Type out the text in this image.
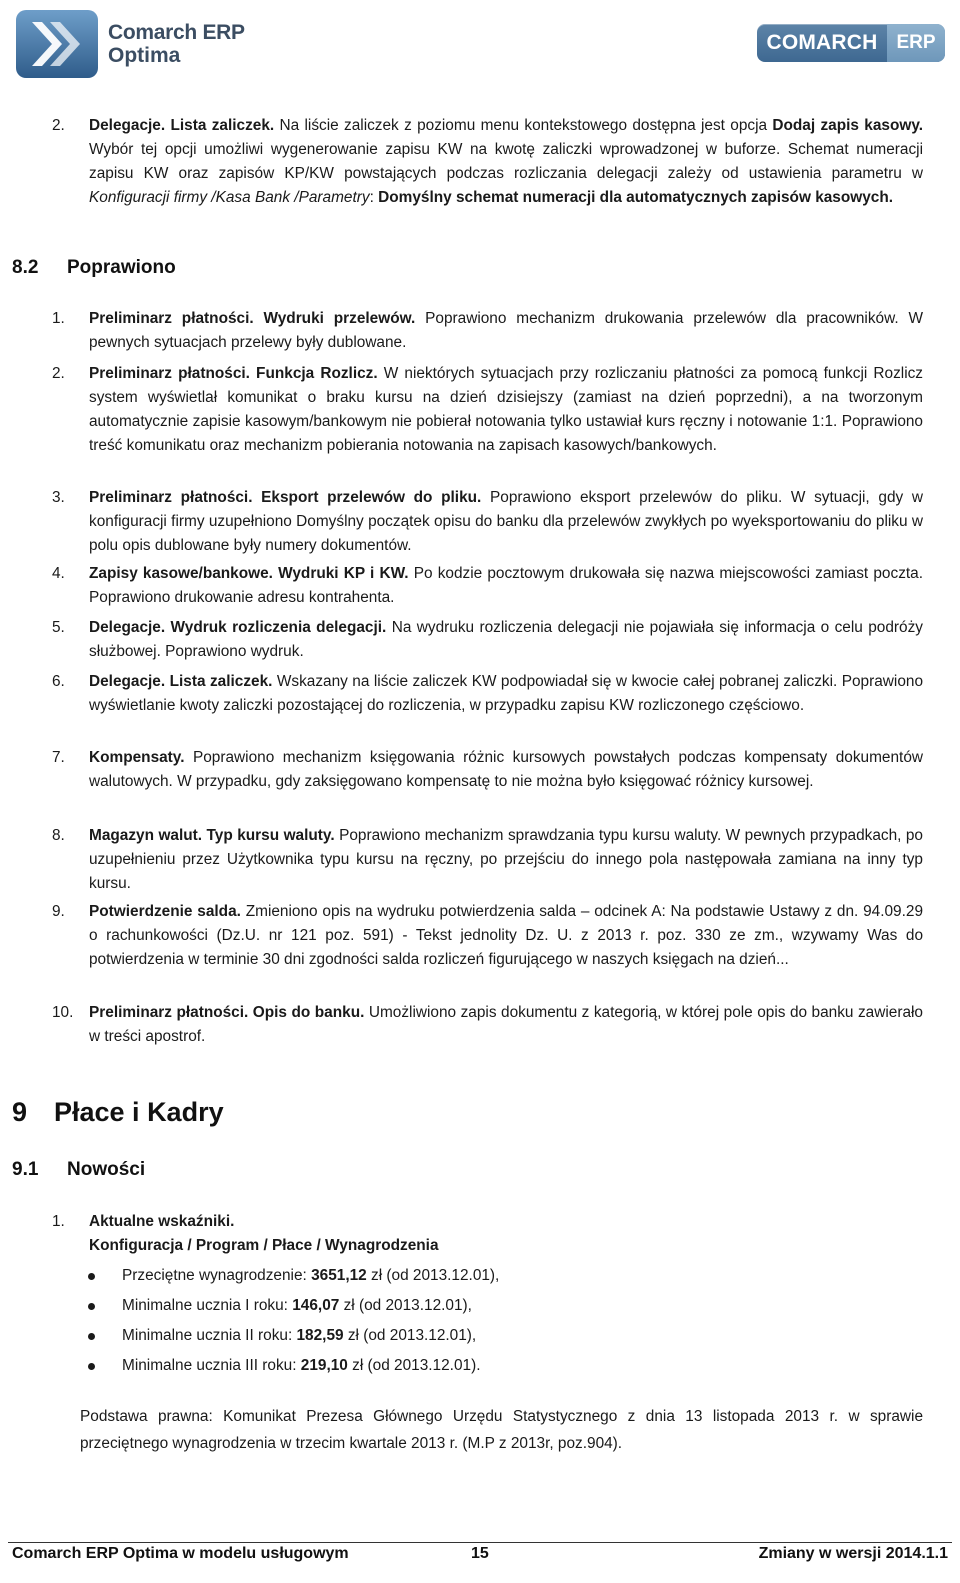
Comarch ERP
Optima
COMARCH ERP
2. Delegacje. Lista zaliczek. Na liście zaliczek z poziomu menu kontekstowego dostępna jest opcja Dodaj zapis kasowy. Wybór tej opcji umożliwi wygenerowanie zapisu KW na kwotę zaliczki wprowadzonej w buforze. Schemat numeracji zapisu KW oraz zapisów KP/KW powstających podczas rozliczania delegacji zależy od ustawienia parametru w Konfiguracji firmy /Kasa Bank /Parametry: Domyślny schemat numeracji dla automatycznych zapisów kasowych.
8.2 Poprawiono
1. Preliminarz płatności. Wydruki przelewów. Poprawiono mechanizm drukowania przelewów dla pracowników. W pewnych sytuacjach przelewy były dublowane.
2. Preliminarz płatności. Funkcja Rozlicz. W niektórych sytuacjach przy rozliczaniu płatności za pomocą funkcji Rozlicz system wyświetlał komunikat o braku kursu na dzień dzisiejszy (zamiast na dzień poprzedni), a na tworzonym automatycznie zapisie kasowym/bankowym nie pobierał notowania tylko ustawiał kurs ręczny i notowanie 1:1. Poprawiono treść komunikatu oraz mechanizm pobierania notowania na zapisach kasowych/bankowych.
3. Preliminarz płatności. Eksport przelewów do pliku. Poprawiono eksport przelewów do pliku. W sytuacji, gdy w konfiguracji firmy uzupełniono Domyślny początek opisu do banku dla przelewów zwykłych po wyeksportowaniu do pliku w polu opis dublowane były numery dokumentów.
4. Zapisy kasowe/bankowe. Wydruki KP i KW. Po kodzie pocztowym drukowała się nazwa miejscowości zamiast poczta. Poprawiono drukowanie adresu kontrahenta.
5. Delegacje. Wydruk rozliczenia delegacji. Na wydruku rozliczenia delegacji nie pojawiała się informacja o celu podróży służbowej. Poprawiono wydruk.
6. Delegacje. Lista zaliczek. Wskazany na liście zaliczek KW podpowiadał się w kwocie całej pobranej zaliczki. Poprawiono wyświetlanie kwoty zaliczki pozostającej do rozliczenia, w przypadku zapisu KW rozliczonego częściowo.
7. Kompensaty. Poprawiono mechanizm księgowania różnic kursowych powstałych podczas kompensaty dokumentów walutowych. W przypadku, gdy zaksięgowano kompensatę to nie można było księgować różnicy kursowej.
8. Magazyn walut. Typ kursu waluty. Poprawiono mechanizm sprawdzania typu kursu waluty. W pewnych przypadkach, po uzupełnieniu przez Użytkownika typu kursu na ręczny, po przejściu do innego pola następowała zamiana na inny typ kursu.
9. Potwierdzenie salda. Zmieniono opis na wydruku potwierdzenia salda – odcinek A: Na podstawie Ustawy z dn. 94.09.29 o rachunkowości (Dz.U. nr 121 poz. 591) - Tekst jednolity Dz. U. z 2013 r. poz. 330 ze zm., wzywamy Was do potwierdzenia w terminie 30 dni zgodności salda rozliczeń figurującego w naszych księgach na dzień...
10. Preliminarz płatności. Opis do banku. Umożliwiono zapis dokumentu z kategorią, w której pole opis do banku zawierało w treści apostrof.
9 Płace i Kadry
9.1 Nowości
1. Aktualne wskaźniki.
Konfiguracja / Program / Płace / Wynagrodzenia
Przeciętne wynagrodzenie: 3651,12 zł (od 2013.12.01),
Minimalne ucznia I roku: 146,07 zł (od 2013.12.01),
Minimalne ucznia II roku: 182,59 zł (od 2013.12.01),
Minimalne ucznia III roku: 219,10 zł (od 2013.12.01).
Podstawa prawna: Komunikat Prezesa Głównego Urzędu Statystycznego z dnia 13 listopada 2013 r. w sprawie przeciętnego wynagrodzenia w trzecim kwartale 2013 r. (M.P z 2013r, poz.904).
Comarch ERP Optima w modelu usługowym	15	Zmiany w wersji 2014.1.1
